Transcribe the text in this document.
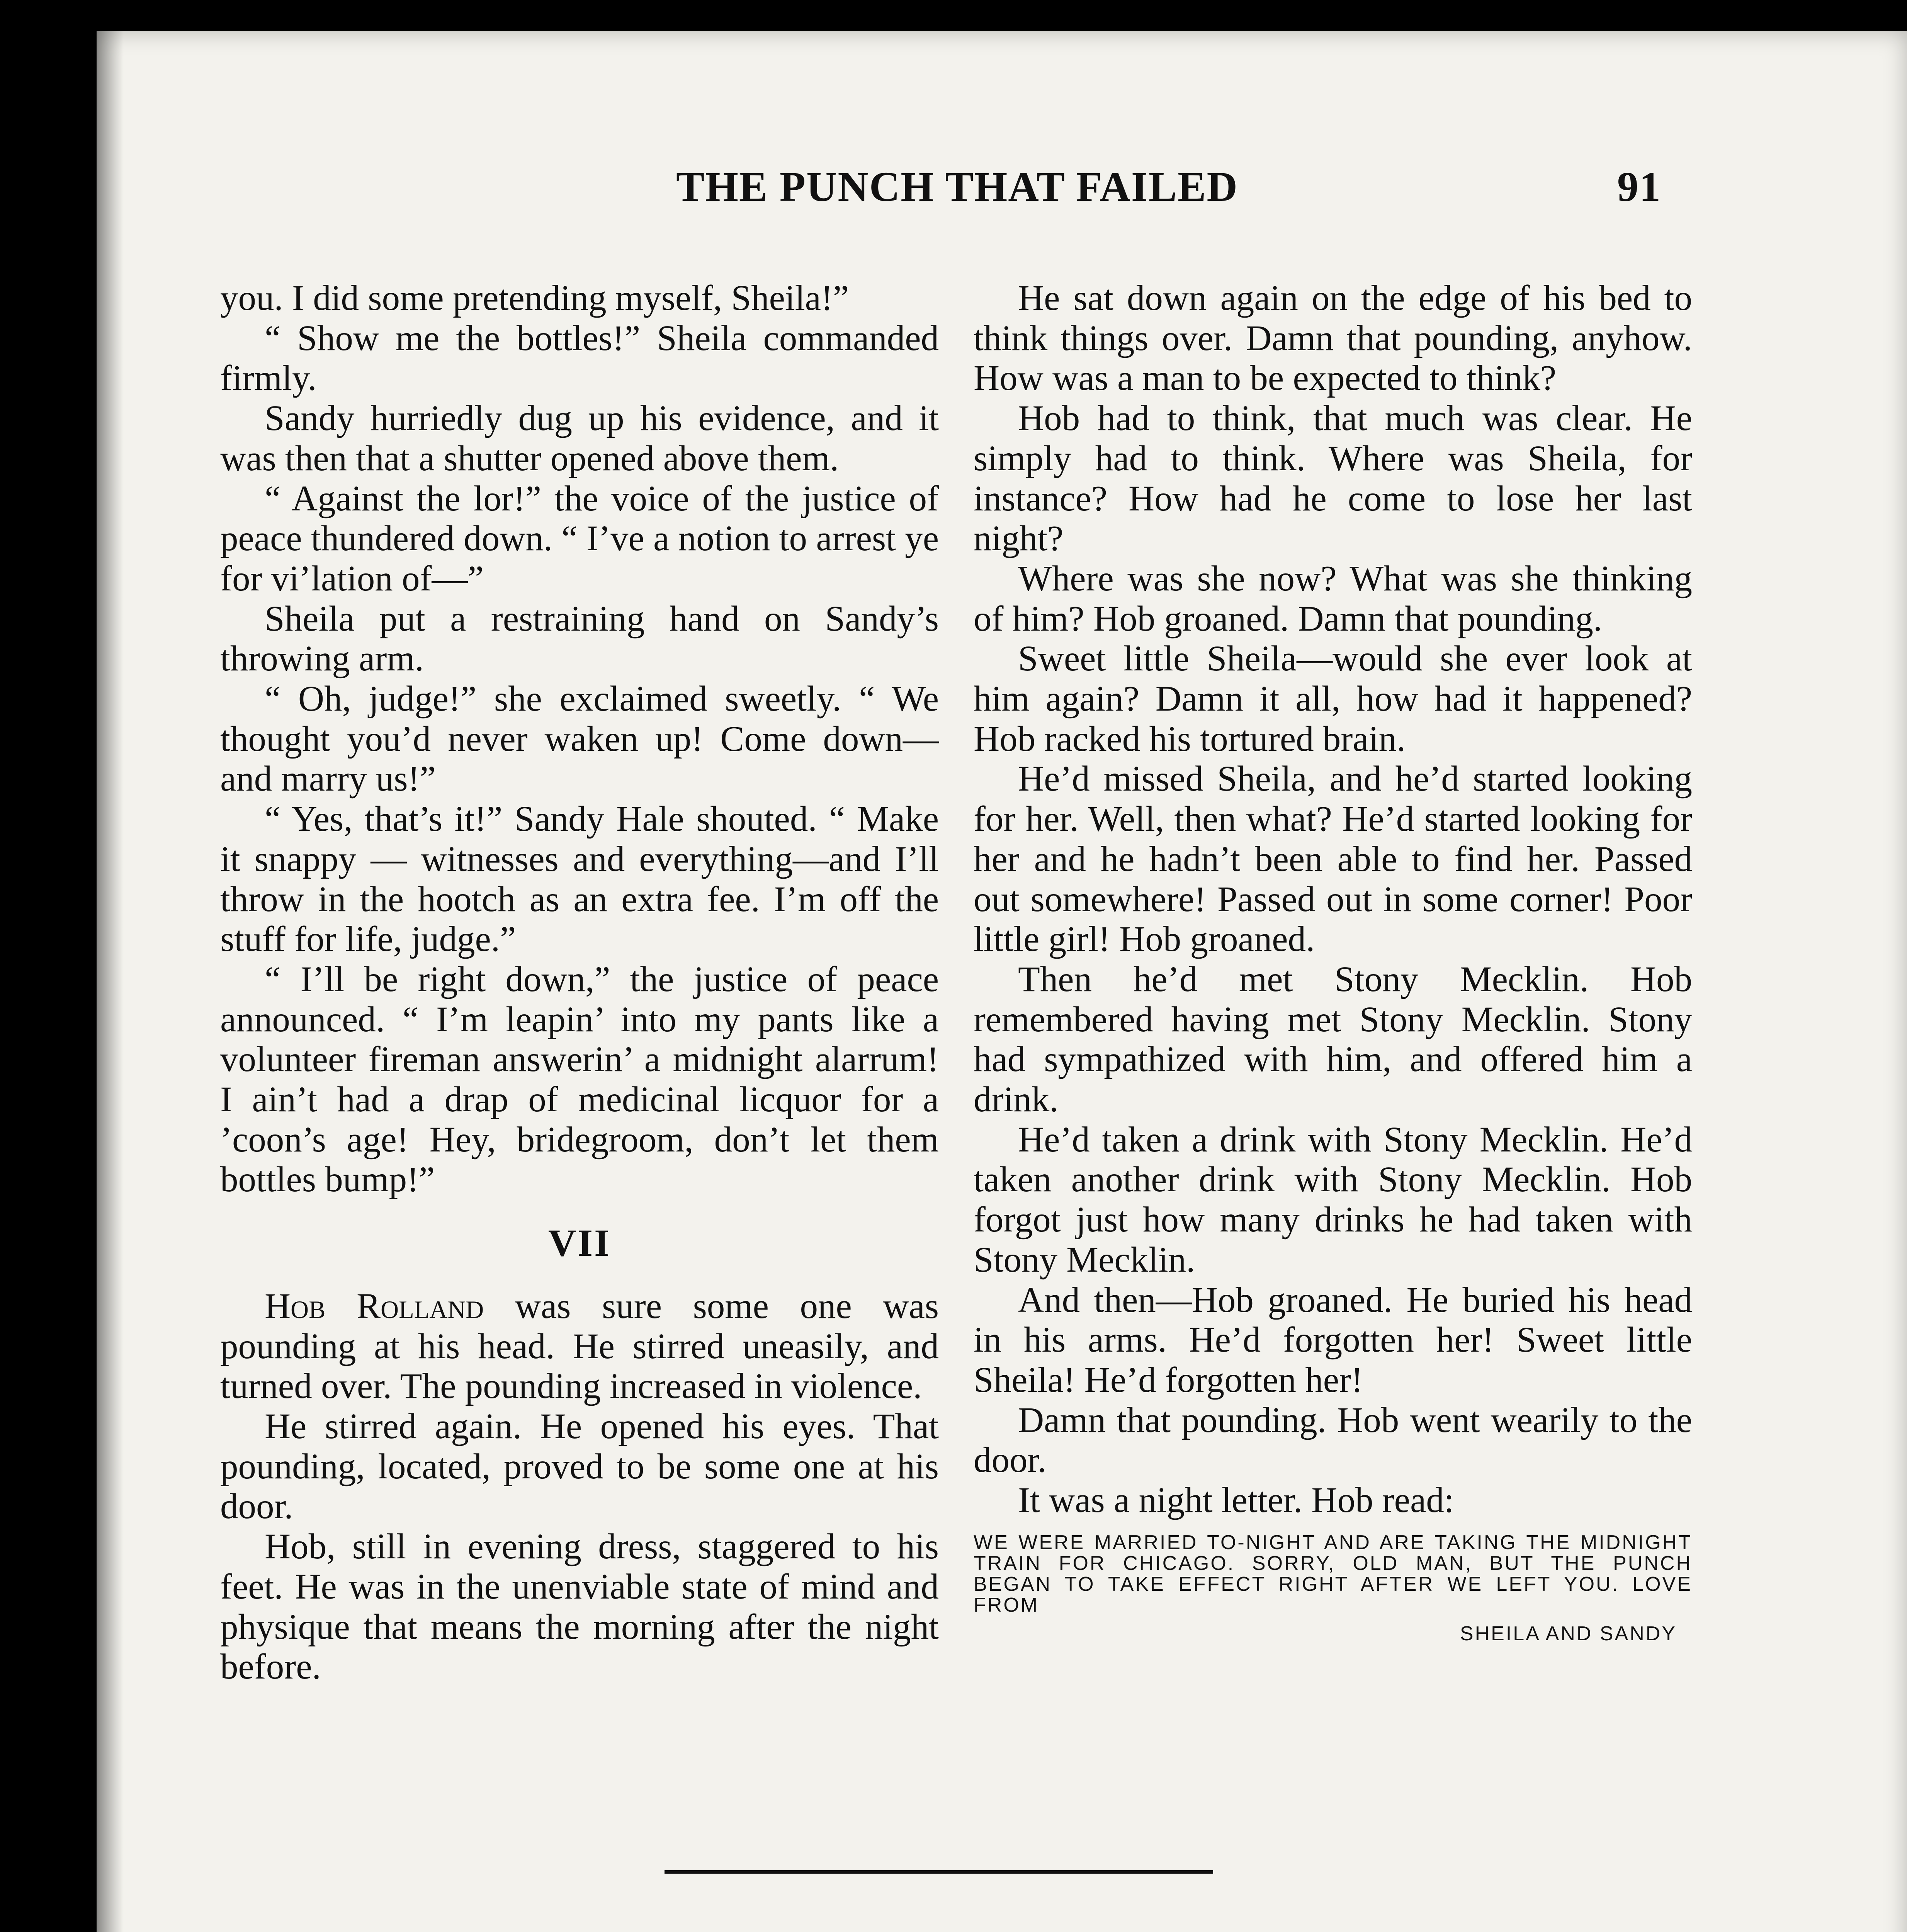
THE PUNCH THAT FAILED	91

you. I did some pretending myself, Sheila!”

“ Show me the bottles!” Sheila commanded firmly.

Sandy hurriedly dug up his evidence, and it was then that a shutter opened above them.

“ Against the lor!” the voice of the justice of peace thundered down. “ I’ve a notion to arrest ye for vi’lation of—”

Sheila put a restraining hand on Sandy’s throwing arm.

“ Oh, judge!” she exclaimed sweetly. “ We thought you’d never waken up! Come down—and marry us!”

“ Yes, that’s it!” Sandy Hale shouted. “ Make it snappy — witnesses and everything—and I’ll throw in the hootch as an extra fee. I’m off the stuff for life, judge.”

“ I’ll be right down,” the justice of peace announced. “ I’m leapin’ into my pants like a volunteer fireman answerin’ a midnight alarrum! I ain’t had a drap of medicinal licquor for a ’coon’s age! Hey, bridegroom, don’t let them bottles bump!”

VII

Hob Rolland was sure some one was pounding at his head. He stirred uneasily, and turned over. The pounding increased in violence.

He stirred again. He opened his eyes. That pounding, located, proved to be some one at his door.

Hob, still in evening dress, staggered to his feet. He was in the unenviable state of mind and physique that means the morning after the night before.

He sat down again on the edge of his bed to think things over. Damn that pounding, anyhow. How was a man to be expected to think?

Hob had to think, that much was clear. He simply had to think. Where was Sheila, for instance? How had he come to lose her last night?

Where was she now? What was she thinking of him? Hob groaned. Damn that pounding.

Sweet little Sheila—would she ever look at him again? Damn it all, how had it happened? Hob racked his tortured brain.

He’d missed Sheila, and he’d started looking for her. Well, then what? He’d started looking for her and he hadn’t been able to find her. Passed out somewhere! Passed out in some corner! Poor little girl! Hob groaned.

Then he’d met Stony Mecklin. Hob remembered having met Stony Mecklin. Stony had sympathized with him, and offered him a drink.

He’d taken a drink with Stony Mecklin. He’d taken another drink with Stony Mecklin. Hob forgot just how many drinks he had taken with Stony Mecklin.

And then—Hob groaned. He buried his head in his arms. He’d forgotten her! Sweet little Sheila! He’d forgotten her!

Damn that pounding. Hob went wearily to the door.

It was a night letter. Hob read:

WE WERE MARRIED TO-NIGHT AND ARE TAKING THE MIDNIGHT TRAIN FOR CHICAGO. SORRY, OLD MAN, BUT THE PUNCH BEGAN TO TAKE EFFECT RIGHT AFTER WE LEFT YOU. LOVE FROM
SHEILA AND SANDY
